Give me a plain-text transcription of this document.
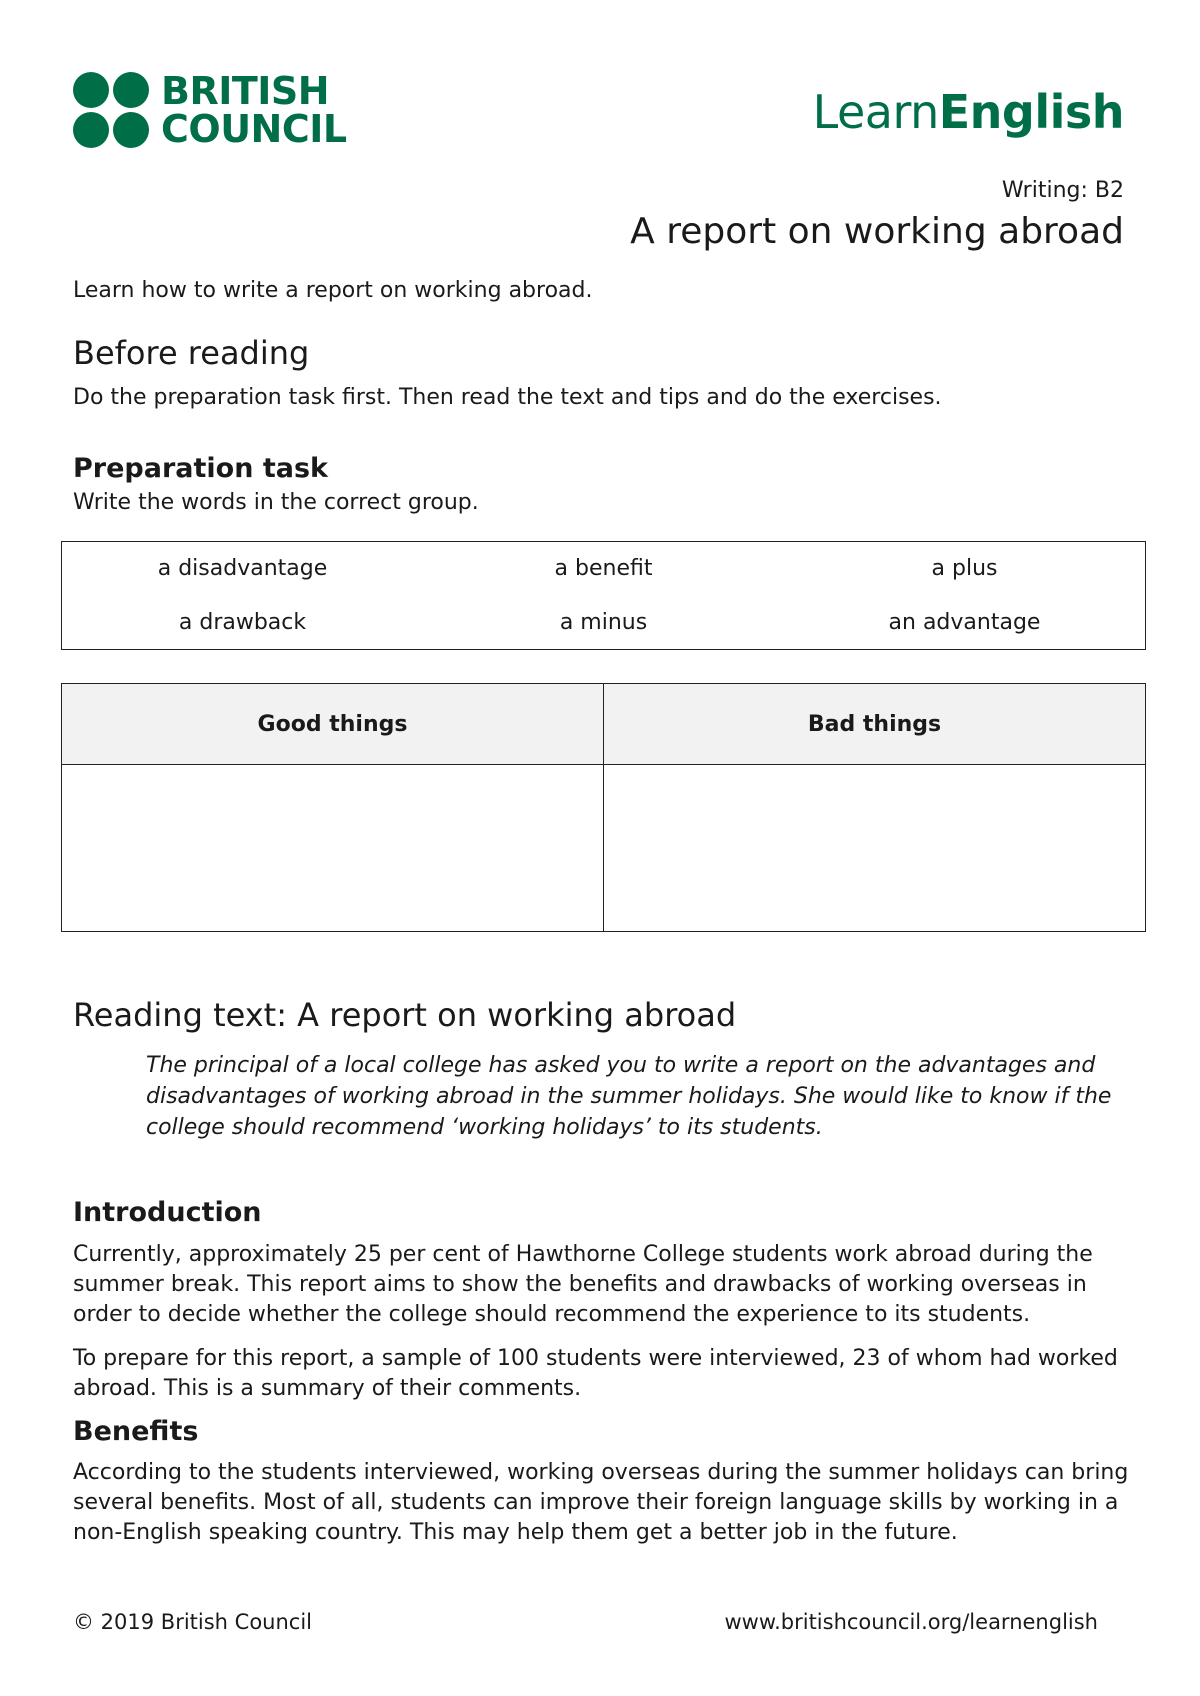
BRITISH
COUNCIL	LearnEnglish
Writing: B2
A report on working abroad
Learn how to write a report on working abroad.
Before reading
Do the preparation task first. Then read the text and tips and do the exercises.
Preparation task
Write the words in the correct group.
a disadvantage	a benefit	a plus
a drawback	a minus	an advantage
Good things	Bad things

Reading text: A report on working abroad
The principal of a local college has asked you to write a report on the advantages and disadvantages of working abroad in the summer holidays. She would like to know if the college should recommend ‘working holidays’ to its students.
Introduction
Currently, approximately 25 per cent of Hawthorne College students work abroad during the summer break. This report aims to show the benefits and drawbacks of working overseas in order to decide whether the college should recommend the experience to its students.
To prepare for this report, a sample of 100 students were interviewed, 23 of whom had worked abroad. This is a summary of their comments.
Benefits
According to the students interviewed, working overseas during the summer holidays can bring several benefits. Most of all, students can improve their foreign language skills by working in a non-English speaking country. This may help them get a better job in the future.
© 2019 British Council	www.britishcouncil.org/learnenglish
